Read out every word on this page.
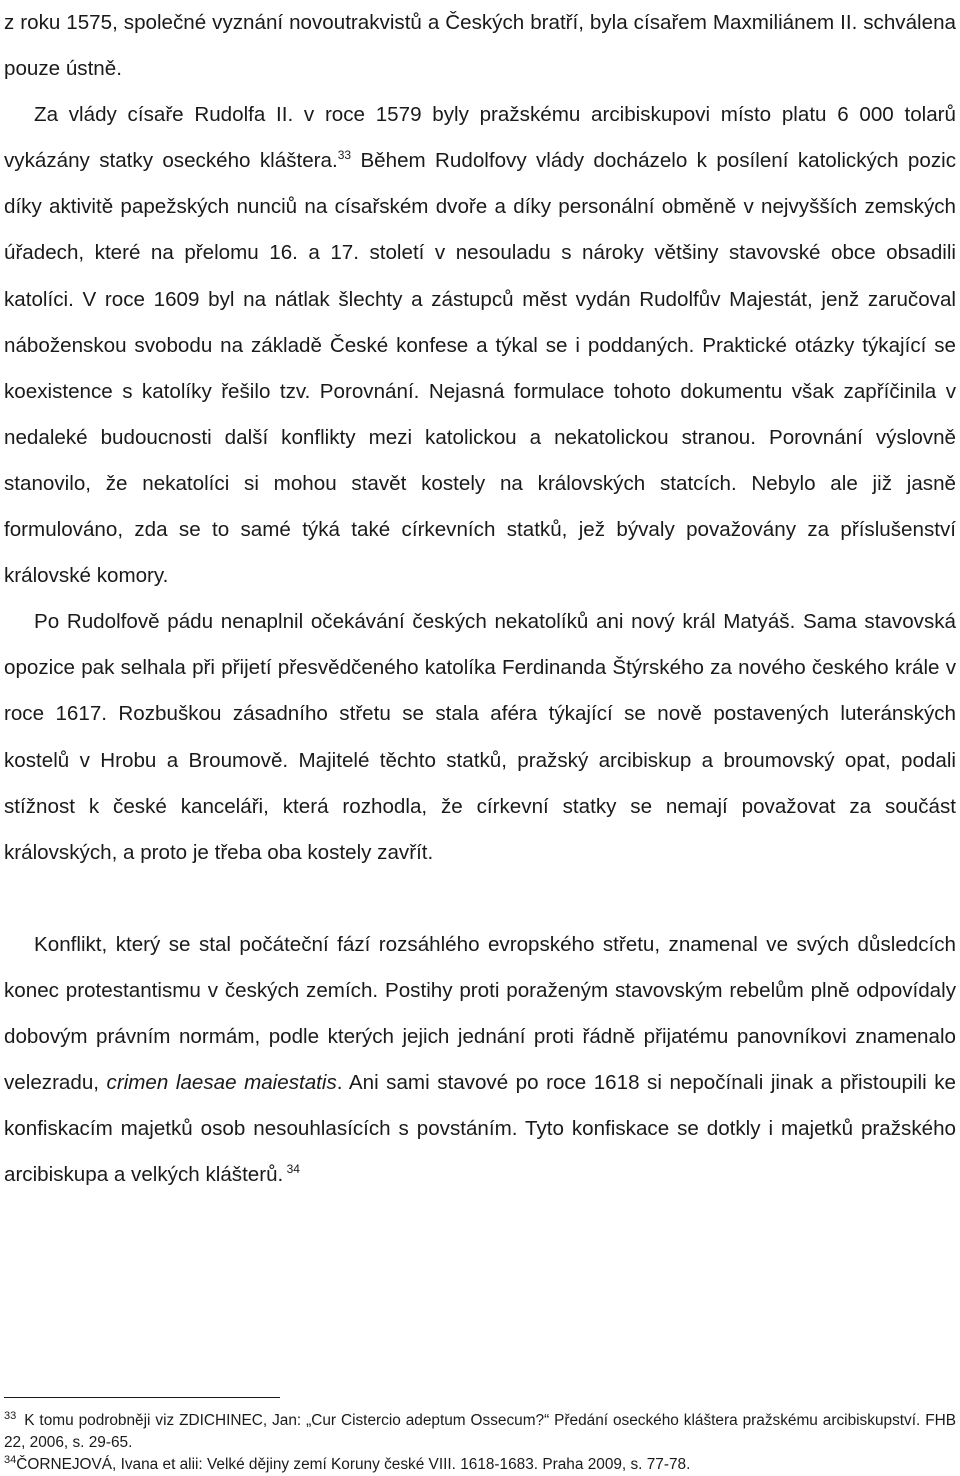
z roku 1575, společné vyznání novoutrakvistů a Českých bratří, byla císařem Maxmiliánem II. schválena pouze ústně.

Za vlády císaře Rudolfa II. v roce 1579 byly pražskému arcibiskupovi místo platu 6 000 tolarů vykázány statky oseckého kláštera.$^{33}$ Během Rudolfovy vlády docházelo k posílení katolických pozic díky aktivitě papežských nunciů na císařském dvoře a díky personální obměně v nejvyšších zemských úřadech, které na přelomu 16. a 17. století v nesouladu s nároky většiny stavovské obce obsadili katolíci. V roce 1609 byl na nátlak šlechty a zástupců měst vydán Rudolfův Majestát, jenž zaručoval náboženskou svobodu na základě České konfese a týkal se i poddaných. Praktické otázky týkající se koexistence s katolíky řešilo tzv. Porovnání. Nejasná formulace tohoto dokumentu však zapříčinila v nedaleké budoucnosti další konflikty mezi katolickou a nekatolickou stranou. Porovnání výslovně stanovilo, že nekatolíci si mohou stavět kostely na královských statcích. Nebylo ale již jasně formulováno, zda se to samé týká také církevních statků, jež bývaly považovány za příslušenství královské komory.

Po Rudolfově pádu nenaplnil očekávání českých nekatolíků ani nový král Matyáš. Sama stavovská opozice pak selhala při přijetí přesvědčeného katolíka Ferdinanda Štýrského za nového českého krále v roce 1617. Rozbuškou zásadního střetu se stala aféra týkající se nově postavených luteránských kostelů v Hrobu a Broumově. Majitelé těchto statků, pražský arcibiskup a broumovský opat, podali stížnost k české kanceláři, která rozhodla, že církevní statky se nemají považovat za součást královských, a proto je třeba oba kostely zavřít.

Konflikt, který se stal počáteční fází rozsáhlého evropského střetu, znamenal ve svých důsledcích konec protestantismu v českých zemích. Postihy proti poraženým stavovským rebelům plně odpovídaly dobovým právním normám, podle kterých jejich jednání proti řádně přijatému panovníkovi znamenalo velezradu, crimen laesae maiestatis. Ani sami stavové po roce 1618 si nepočínali jinak a přistoupili ke konfiskacím majetků osob nesouhlasících s povstáním. Tyto konfiskace se dotkly i majetků pražského arcibiskupa a velkých klášterů. $^{34}$

$^{33}$ K tomu podrobněji viz ZDICHINEC, Jan: „Cur Cistercio adeptum Ossecum?“ Předání oseckého kláštera pražskému arcibiskupství. FHB 22, 2006, s. 29-65.

$^{34}$ČORNEJOVÁ, Ivana et alii: Velké dějiny zemí Koruny české VIII. 1618-1683. Praha 2009, s. 77-78.
